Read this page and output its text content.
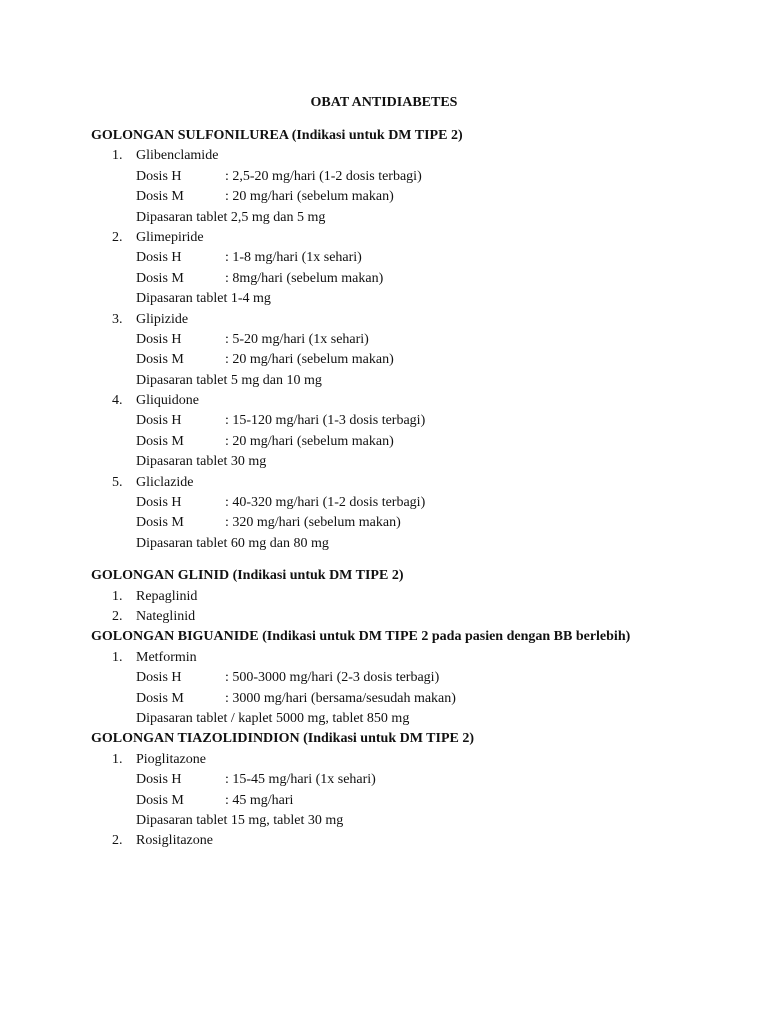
OBAT ANTIDIABETES
GOLONGAN SULFONILUREA (Indikasi untuk DM TIPE 2)
1. Glibenclamide
Dosis H	: 2,5-20 mg/hari (1-2 dosis terbagi)
Dosis M	: 20 mg/hari (sebelum makan)
Dipasaran tablet 2,5 mg dan 5 mg
2. Glimepiride
Dosis H	: 1-8 mg/hari (1x sehari)
Dosis M	: 8mg/hari (sebelum makan)
Dipasaran tablet 1-4 mg
3. Glipizide
Dosis H	: 5-20 mg/hari (1x sehari)
Dosis M	: 20 mg/hari (sebelum makan)
Dipasaran tablet 5 mg dan 10 mg
4. Gliquidone
Dosis H	: 15-120 mg/hari (1-3 dosis terbagi)
Dosis M	: 20 mg/hari (sebelum makan)
Dipasaran tablet 30 mg
5. Gliclazide
Dosis H	: 40-320 mg/hari (1-2 dosis terbagi)
Dosis M	: 320 mg/hari (sebelum makan)
Dipasaran tablet 60 mg dan 80 mg
GOLONGAN GLINID (Indikasi untuk DM TIPE 2)
1. Repaglinid
2. Nateglinid
GOLONGAN BIGUANIDE (Indikasi untuk DM TIPE 2 pada pasien dengan BB berlebih)
1. Metformin
Dosis H	: 500-3000 mg/hari (2-3 dosis terbagi)
Dosis M	: 3000 mg/hari (bersama/sesudah makan)
Dipasaran tablet / kaplet 5000 mg, tablet 850 mg
GOLONGAN TIAZOLIDINDION (Indikasi untuk DM TIPE 2)
1. Pioglitazone
Dosis H	: 15-45 mg/hari (1x sehari)
Dosis M	: 45 mg/hari
Dipasaran tablet 15 mg, tablet 30 mg
2. Rosiglitazone
